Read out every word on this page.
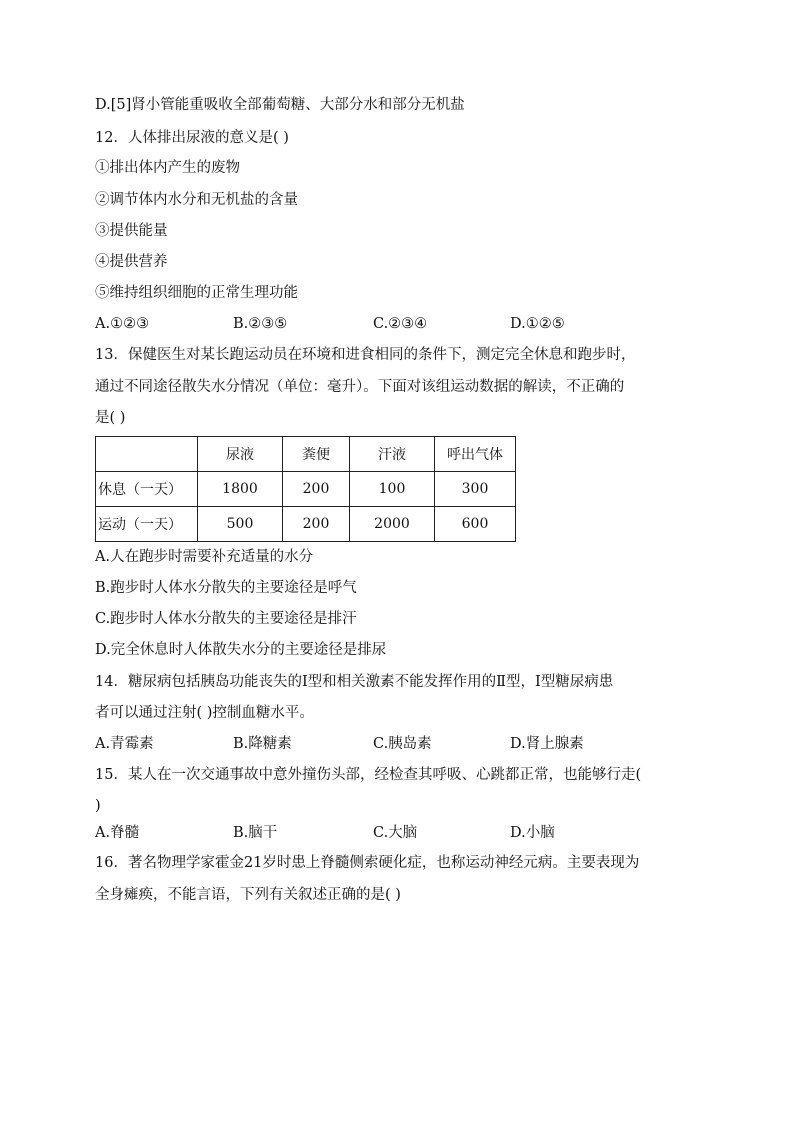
D.[5]肾小管能重吸收全部葡萄糖、大部分水和部分无机盐
12．人体排出尿液的意义是( )
①排出体内产生的废物
②调节体内水分和无机盐的含量
③提供能量
④提供营养
⑤维持组织细胞的正常生理功能
A.①②③	B.②③⑤	C.②③④	D.①②⑤
13．保健医生对某长跑运动员在环境和进食相同的条件下，测定完全休息和跑步时，
通过不同途径散失水分情况（单位：毫升）。下面对该组运动数据的解读，不正确的
是( )
	尿液	粪便	汗液	呼出气体
休息（一天）	1800	200	100	300
运动（一天）	500	200	2000	600
A.人在跑步时需要补充适量的水分
B.跑步时人体水分散失的主要途径是呼气
C.跑步时人体水分散失的主要途径是排汗
D.完全休息时人体散失水分的主要途径是排尿
14．糖尿病包括胰岛功能丧失的Ⅰ型和相关激素不能发挥作用的Ⅱ型，Ⅰ型糖尿病患
者可以通过注射( )控制血糖水平。
A.青霉素	B.降糖素	C.胰岛素	D.肾上腺素
15．某人在一次交通事故中意外撞伤头部，经检查其呼吸、心跳都正常，也能够行走(
)
A.脊髓	B.脑干	C.大脑	D.小脑
16．著名物理学家霍金21岁时患上脊髓侧索硬化症，也称运动神经元病。主要表现为
全身瘫痪，不能言语，下列有关叙述正确的是( )
